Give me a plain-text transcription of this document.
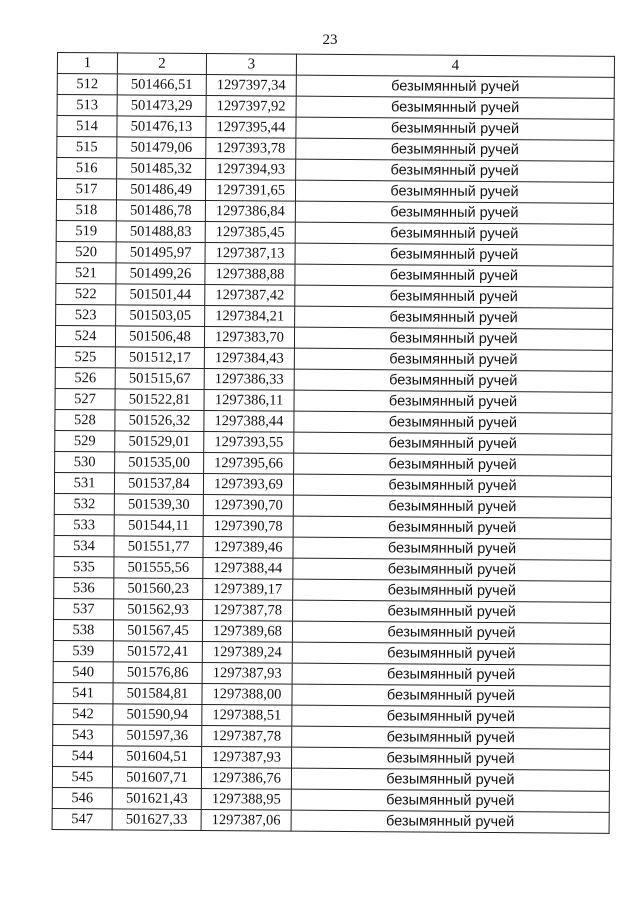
23
1	2	3	4
512	501466,51	1297397,34	безымянный ручей
513	501473,29	1297397,92	безымянный ручей
514	501476,13	1297395,44	безымянный ручей
515	501479,06	1297393,78	безымянный ручей
516	501485,32	1297394,93	безымянный ручей
517	501486,49	1297391,65	безымянный ручей
518	501486,78	1297386,84	безымянный ручей
519	501488,83	1297385,45	безымянный ручей
520	501495,97	1297387,13	безымянный ручей
521	501499,26	1297388,88	безымянный ручей
522	501501,44	1297387,42	безымянный ручей
523	501503,05	1297384,21	безымянный ручей
524	501506,48	1297383,70	безымянный ручей
525	501512,17	1297384,43	безымянный ручей
526	501515,67	1297386,33	безымянный ручей
527	501522,81	1297386,11	безымянный ручей
528	501526,32	1297388,44	безымянный ручей
529	501529,01	1297393,55	безымянный ручей
530	501535,00	1297395,66	безымянный ручей
531	501537,84	1297393,69	безымянный ручей
532	501539,30	1297390,70	безымянный ручей
533	501544,11	1297390,78	безымянный ручей
534	501551,77	1297389,46	безымянный ручей
535	501555,56	1297388,44	безымянный ручей
536	501560,23	1297389,17	безымянный ручей
537	501562,93	1297387,78	безымянный ручей
538	501567,45	1297389,68	безымянный ручей
539	501572,41	1297389,24	безымянный ручей
540	501576,86	1297387,93	безымянный ручей
541	501584,81	1297388,00	безымянный ручей
542	501590,94	1297388,51	безымянный ручей
543	501597,36	1297387,78	безымянный ручей
544	501604,51	1297387,93	безымянный ручей
545	501607,71	1297386,76	безымянный ручей
546	501621,43	1297388,95	безымянный ручей
547	501627,33	1297387,06	безымянный ручей
